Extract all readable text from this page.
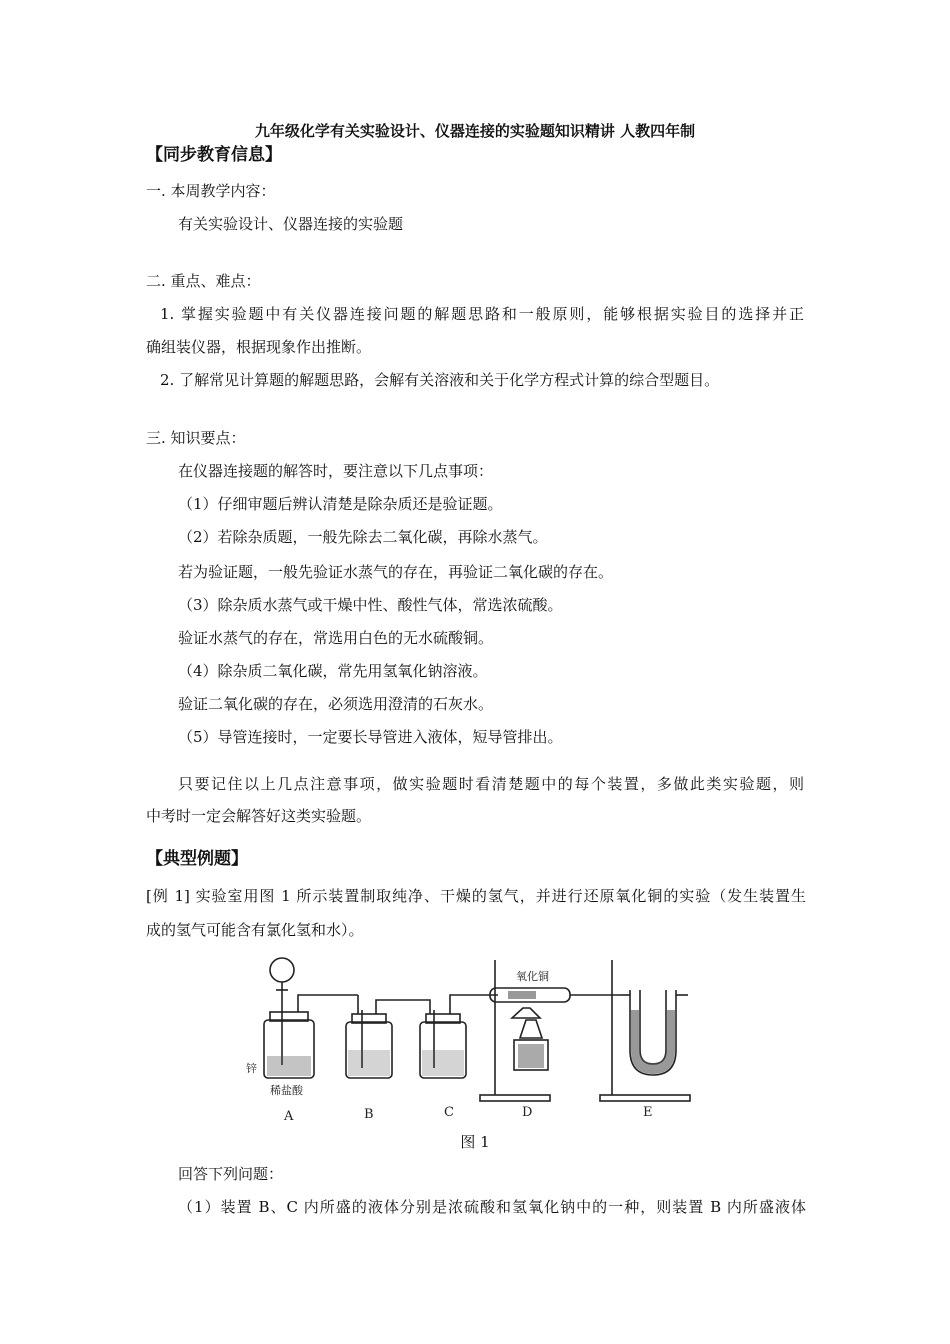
九年级化学有关实验设计、仪器连接的实验题知识精讲 人教四年制
【同步教育信息】
一. 本周教学内容：
有关实验设计、仪器连接的实验题
二. 重点、难点：
1. 掌握实验题中有关仪器连接问题的解题思路和一般原则，能够根据实验目的选择并正
确组装仪器，根据现象作出推断。
2. 了解常见计算题的解题思路，会解有关溶液和关于化学方程式计算的综合型题目。
三. 知识要点：
在仪器连接题的解答时，要注意以下几点事项：
（1）仔细审题后辨认清楚是除杂质还是验证题。
（2）若除杂质题，一般先除去二氧化碳，再除水蒸气。
若为验证题，一般先验证水蒸气的存在，再验证二氧化碳的存在。
（3）除杂质水蒸气或干燥中性、酸性气体，常选浓硫酸。
验证水蒸气的存在，常选用白色的无水硫酸铜。
（4）除杂质二氧化碳，常先用氢氧化钠溶液。
验证二氧化碳的存在，必须选用澄清的石灰水。
（5）导管连接时，一定要长导管进入液体，短导管排出。
只要记住以上几点注意事项，做实验题时看清楚题中的每个装置，多做此类实验题，则
中考时一定会解答好这类实验题。
【典型例题】
[例 1] 实验室用图 1 所示装置制取纯净、干燥的氢气，并进行还原氧化铜的实验（发生装置生
成的氢气可能含有氯化氢和水）。
锌
稀盐酸
氧化铜
A	B	C	D	E
图 1
回答下列问题：
（1）装置 B、C 内所盛的液体分别是浓硫酸和氢氧化钠中的一种，则装置 B 内所盛液体
